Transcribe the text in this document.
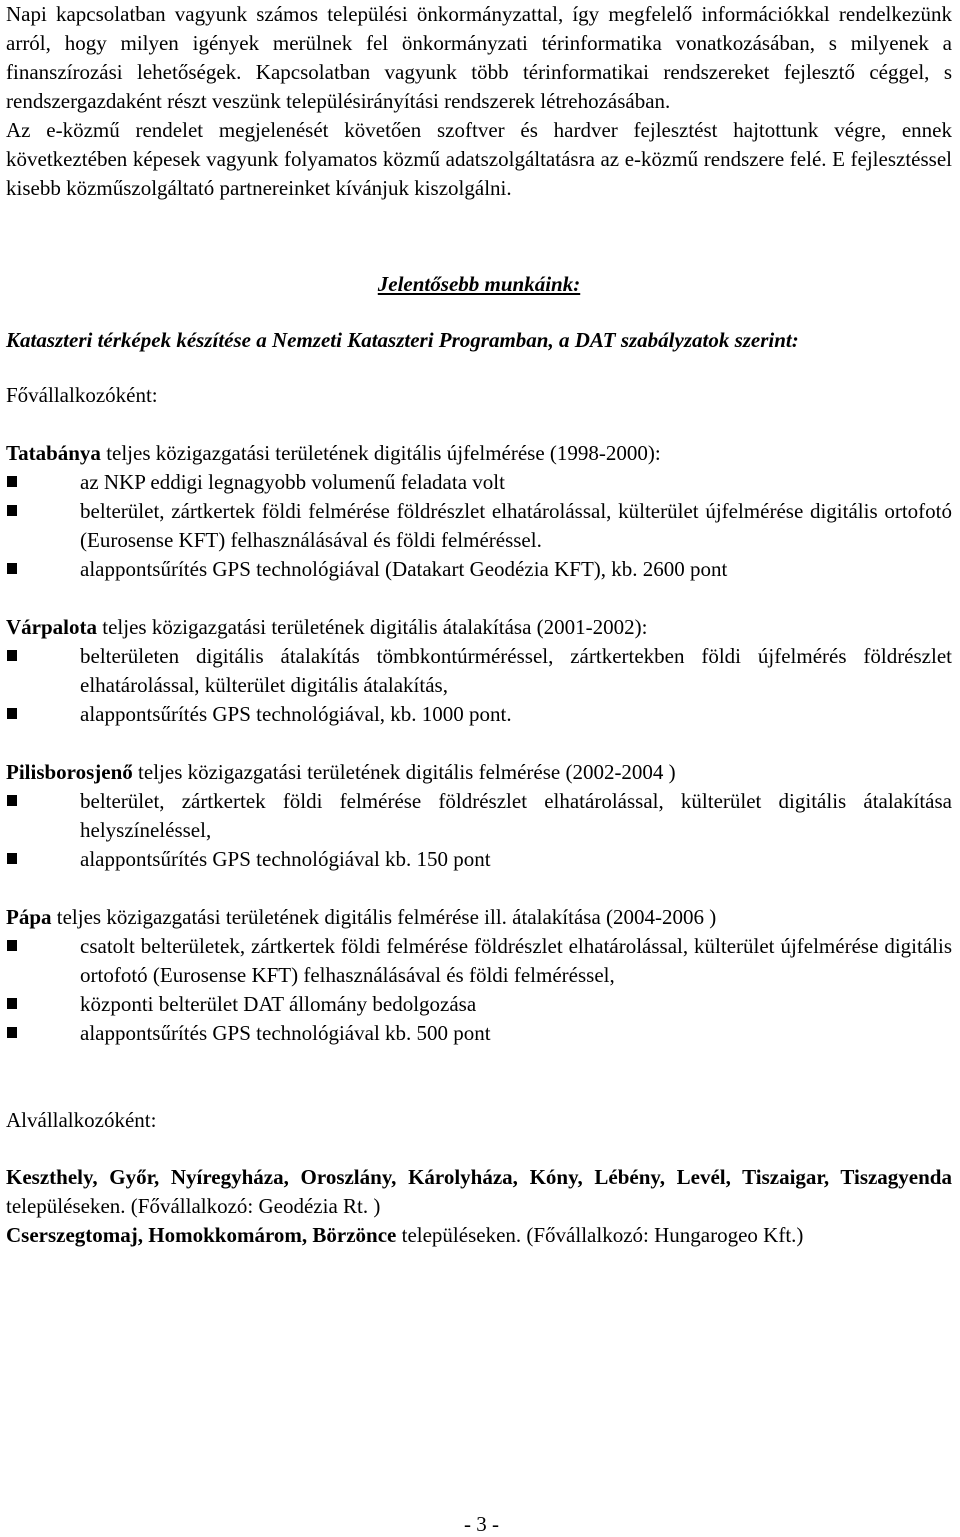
Napi kapcsolatban vagyunk számos települési önkormányzattal, így megfelelő információkkal rendelkezünk arról, hogy milyen igények merülnek fel önkormányzati térinformatika vonatkozásában, s milyenek a finanszírozási lehetőségek. Kapcsolatban vagyunk több térinformatikai rendszereket fejlesztő céggel, s rendszergazdaként részt veszünk településirányítási rendszerek létrehozásában.

Az e-közmű rendelet megjelenését követően szoftver és hardver fejlesztést hajtottunk végre, ennek következtében képesek vagyunk folyamatos közmű adatszolgáltatásra az e-közmű rendszere felé. E fejlesztéssel kisebb közműszolgáltató partnereinket kívánjuk kiszolgálni.

Jelentősebb munkáink:

Kataszteri térképek készítése a Nemzeti Kataszteri Programban, a DAT szabályzatok szerint:

Fővállalkozóként:

Tatabánya teljes közigazgatási területének digitális újfelmérése (1998-2000):

az NKP eddigi legnagyobb volumenű feladata volt
belterület, zártkertek földi felmérése földrészlet elhatárolással, külterület újfelmérése digitális ortofotó (Eurosense KFT) felhasználásával és földi felméréssel.
alappontsűrítés GPS technológiával (Datakart Geodézia KFT), kb. 2600 pont

Várpalota teljes közigazgatási területének digitális átalakítása (2001-2002):

belterületen digitális átalakítás tömbkontúrméréssel, zártkertekben földi újfelmérés földrészlet elhatárolással, külterület digitális átalakítás,
alappontsűrítés GPS technológiával, kb. 1000 pont.

Pilisborosjenő teljes közigazgatási területének digitális felmérése (2002-2004 )

belterület, zártkertek földi felmérése földrészlet elhatárolással, külterület digitális átalakítása helyszíneléssel,
alappontsűrítés GPS technológiával kb. 150 pont

Pápa teljes közigazgatási területének digitális felmérése ill. átalakítása (2004-2006 )

csatolt belterületek, zártkertek földi felmérése földrészlet elhatárolással, külterület újfelmérése digitális ortofotó (Eurosense KFT) felhasználásával és földi felméréssel,
központi belterület DAT állomány bedolgozása
alappontsűrítés GPS technológiával kb. 500 pont

Alvállalkozóként:

Keszthely, Győr, Nyíregyháza, Oroszlány, Károlyháza, Kóny, Lébény, Levél, Tiszaigar, Tiszagyenda településeken. (Fővállalkozó: Geodézia Rt. )

Cserszegtomaj, Homokkomárom, Börzönce településeken. (Fővállalkozó: Hungarogeo Kft.)

- 3 -
